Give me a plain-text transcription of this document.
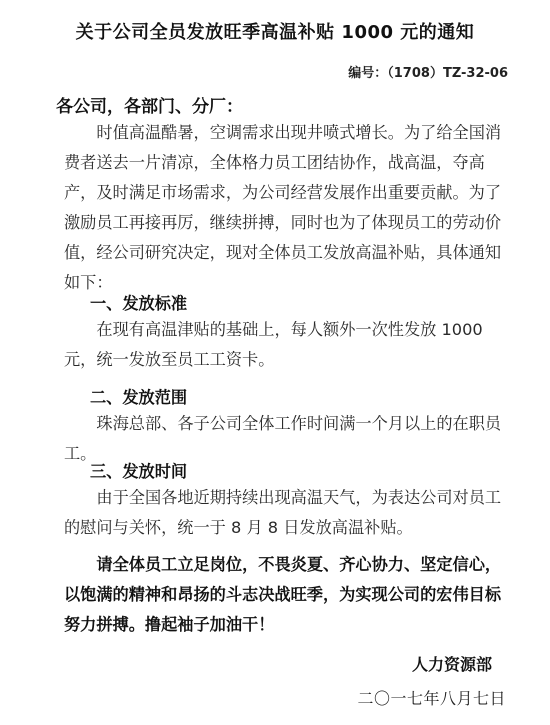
关于公司全员发放旺季高温补贴 1000 元的通知
编号：（1708）TZ-32-06
各公司，各部门、分厂：

时值高温酷暑，空调需求出现井喷式增长。为了给全国消费者送去一片清凉，全体格力员工团结协作，战高温，夺高产，及时满足市场需求，为公司经营发展作出重要贡献。为了激励员工再接再厉，继续拼搏，同时也为了体现员工的劳动价值，经公司研究决定，现对全体员工发放高温补贴，具体通知如下：

一、发放标准

在现有高温津贴的基础上，每人额外一次性发放 1000 元，统一发放至员工工资卡。

二、发放范围

珠海总部、各子公司全体工作时间满一个月以上的在职员工。

三、发放时间

由于全国各地近期持续出现高温天气，为表达公司对员工的慰问与关怀，统一于 8 月 8 日发放高温补贴。

请全体员工立足岗位，不畏炎夏、齐心协力、坚定信心，以饱满的精神和昂扬的斗志决战旺季，为实现公司的宏伟目标努力拼搏。撸起袖子加油干！

人力资源部
二〇一七年八月七日
